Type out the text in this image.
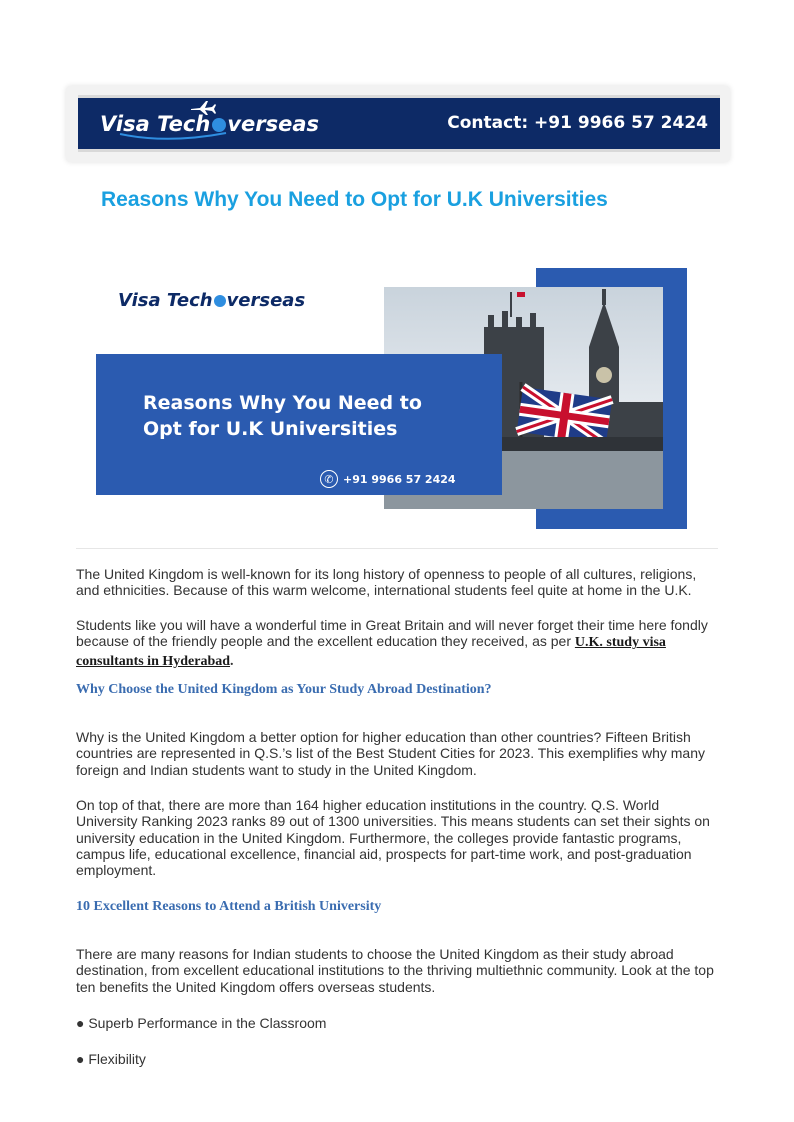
Visa Tech verseas	Contact: +91 9966 57 2424
Reasons Why You Need to Opt for U.K Universities
Visa Tech verseas
Reasons Why You Need to
Opt for U.K Universities
✆ +91 9966 57 2424
The United Kingdom is well-known for its long history of openness to people of all cultures, religions, and ethnicities. Because of this warm welcome, international students feel quite at home in the U.K.
Students like you will have a wonderful time in Great Britain and will never forget their time here fondly because of the friendly people and the excellent education they received, as per U.K. study visa consultants in Hyderabad.
Why Choose the United Kingdom as Your Study Abroad Destination?
Why is the United Kingdom a better option for higher education than other countries? Fifteen British countries are represented in Q.S.’s list of the Best Student Cities for 2023. This exemplifies why many foreign and Indian students want to study in the United Kingdom.
On top of that, there are more than 164 higher education institutions in the country. Q.S. World University Ranking 2023 ranks 89 out of 1300 universities. This means students can set their sights on university education in the United Kingdom. Furthermore, the colleges provide fantastic programs, campus life, educational excellence, financial aid, prospects for part-time work, and post-graduation employment.
10 Excellent Reasons to Attend a British University
There are many reasons for Indian students to choose the United Kingdom as their study abroad destination, from excellent educational institutions to the thriving multiethnic community. Look at the top ten benefits the United Kingdom offers overseas students.
● Superb Performance in the Classroom
● Flexibility
